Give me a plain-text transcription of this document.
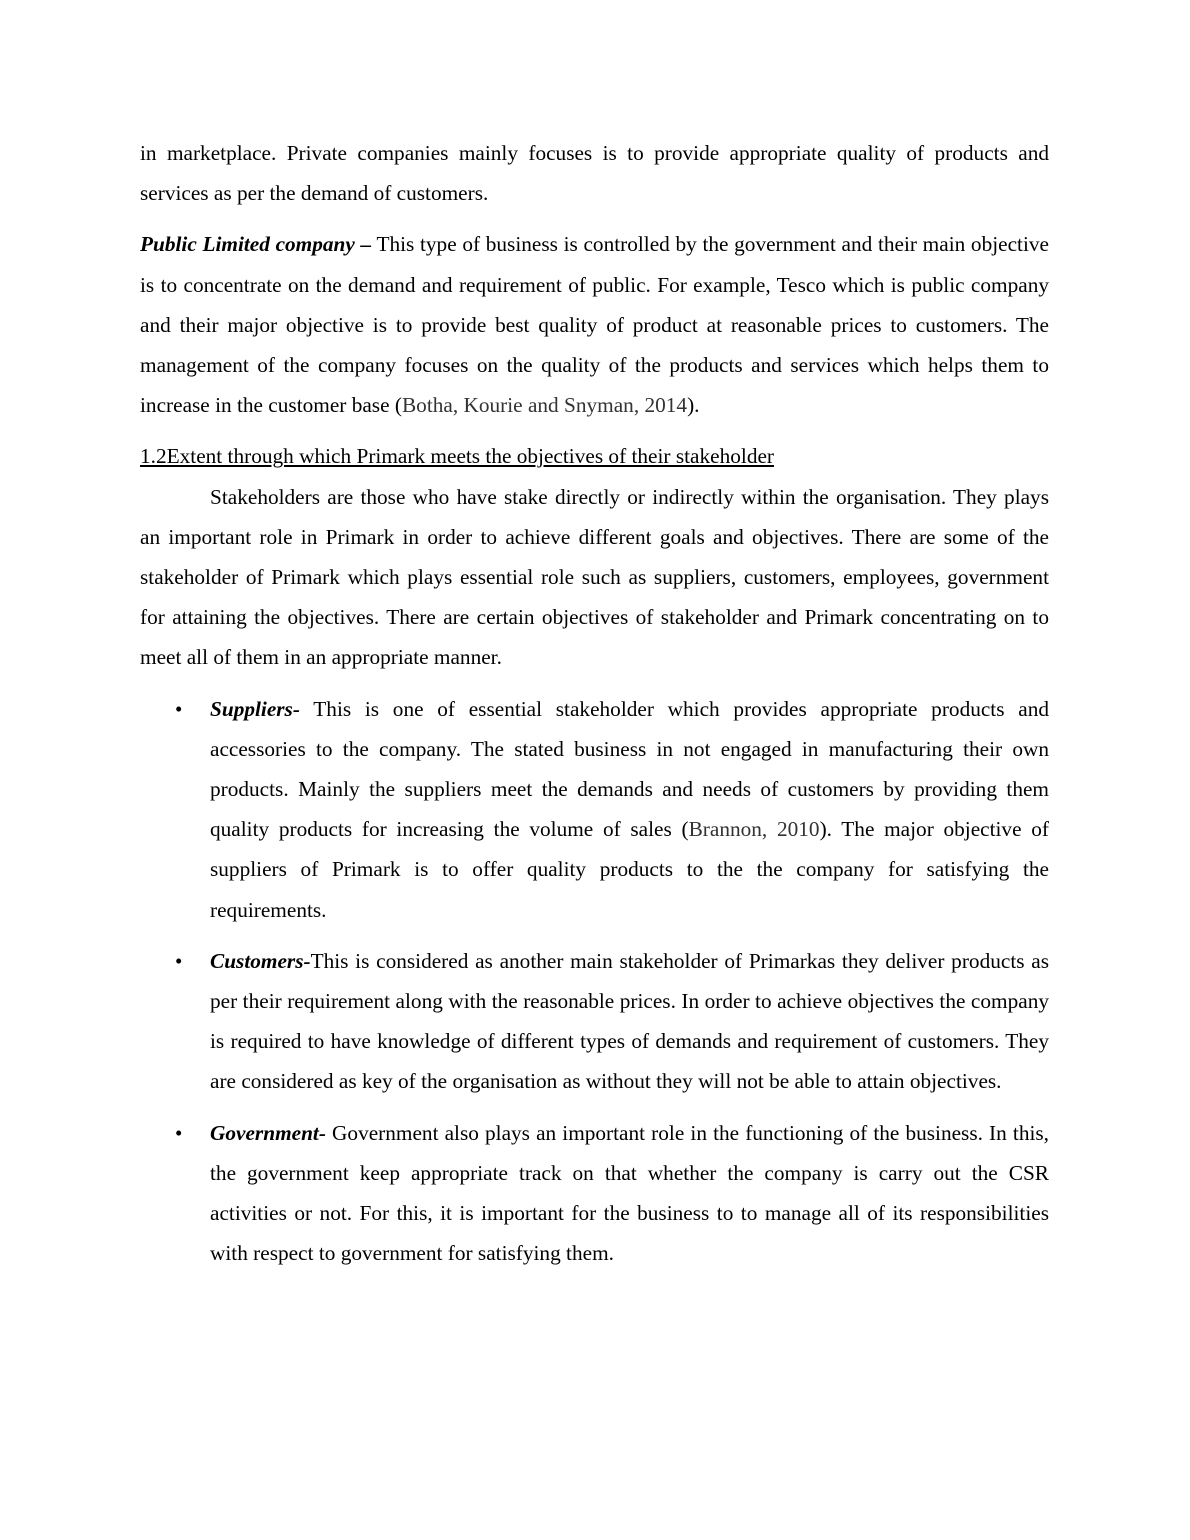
in marketplace. Private companies mainly focuses is to provide appropriate quality of products and services as per the demand of customers.

Public Limited company – This type of business is controlled by the government and their main objective is to concentrate on the demand and requirement of public. For example, Tesco which is public company and their major objective is to provide best quality of product at reasonable prices to customers. The management of the company focuses on the quality of the products and services which helps them to increase in the customer base (Botha, Kourie and Snyman, 2014).

1.2Extent through which Primark meets the objectives of their stakeholder

Stakeholders are those who have stake directly or indirectly within the organisation. They plays an important role in Primark in order to achieve different goals and objectives. There are some of the stakeholder of Primark which plays essential role such as suppliers, customers, employees, government for attaining the objectives. There are certain objectives of stakeholder and Primark concentrating on to meet all of them in an appropriate manner.

• Suppliers- This is one of essential stakeholder which provides appropriate products and accessories to the company. The stated business in not engaged in manufacturing their own products. Mainly the suppliers meet the demands and needs of customers by providing them quality products for increasing the volume of sales (Brannon, 2010). The major objective of suppliers of Primark is to offer quality products to the the company for satisfying the requirements.

• Customers-This is considered as another main stakeholder of Primarkas they deliver products as per their requirement along with the reasonable prices. In order to achieve objectives the company is required to have knowledge of different types of demands and requirement of customers. They are considered as key of the organisation as without they will not be able to attain objectives.

• Government- Government also plays an important role in the functioning of the business. In this, the government keep appropriate track on that whether the company is carry out the CSR activities or not. For this, it is important for the business to to manage all of its responsibilities with respect to government for satisfying them.
